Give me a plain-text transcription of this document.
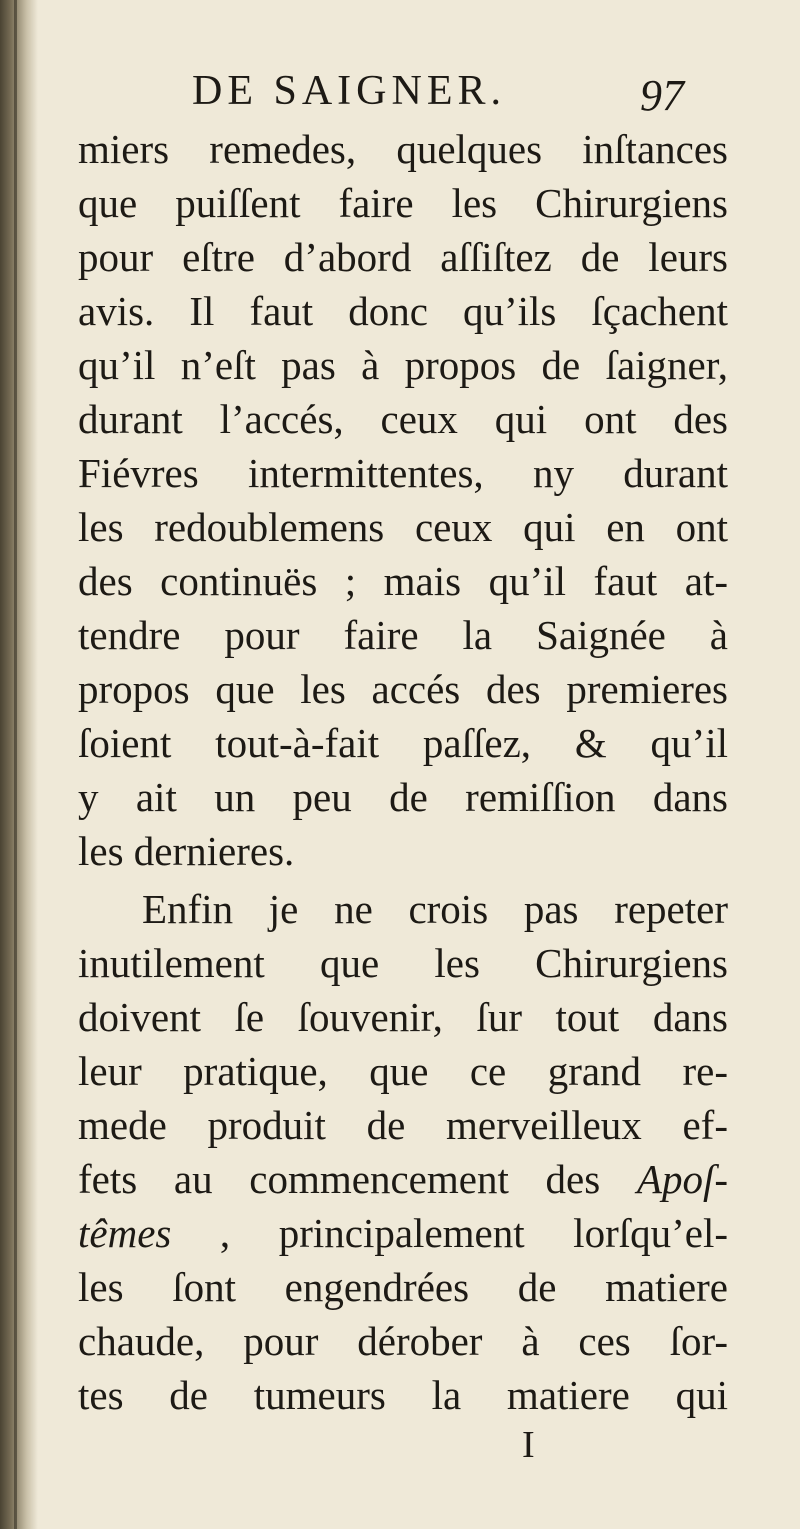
DE SAIGNER.	97
miers remedes, quelques inſtances
que puiſſent faire les Chirurgiens
pour eſtre d’abord aſſiſtez de leurs
avis. Il faut donc qu’ils ſçachent
qu’il n’eſt pas à propos de ſaigner,
durant l’accés, ceux qui ont des
Fiévres intermittentes, ny durant
les redoublemens ceux qui en ont
des continuës ; mais qu’il faut at-
tendre pour faire la Saignée à
propos que les accés des premieres
ſoient tout-à-fait paſſez, & qu’il
y ait un peu de remiſſion dans
les dernieres.
Enfin je ne crois pas repeter
inutilement que les Chirurgiens
doivent ſe ſouvenir, ſur tout dans
leur pratique, que ce grand re-
mede produit de merveilleux ef-
fets au commencement des Apoſ-
têmes , principalement lorſqu’el-
les ſont engendrées de matiere
chaude, pour dérober à ces ſor-
tes de tumeurs la matiere qui
I
